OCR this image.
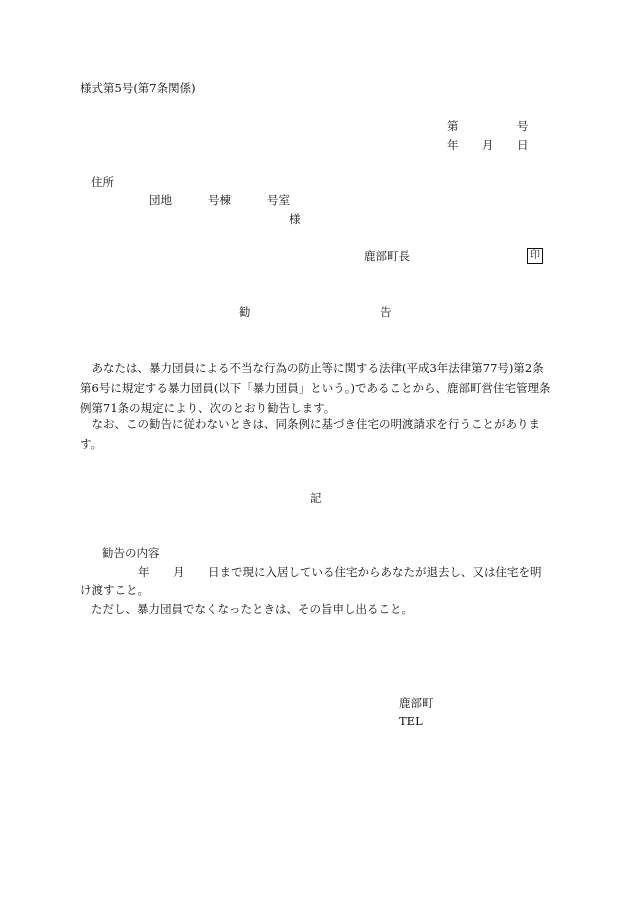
様式第5号(第7条関係)
第	号
年 月 日
住所
団地	号棟	号室
様
鹿部町長	印
勧	告
あなたは、暴力団員による不当な行為の防止等に関する法律(平成3年法律第77号)第2条第6号に規定する暴力団員(以下「暴力団員」という。)であることから、鹿部町営住宅管理条例第71条の規定により、次のとおり勧告します。
なお、この勧告に従わないときは、同条例に基づき住宅の明渡請求を行うことがあります。
記
勧告の内容
年 月 日まで現に入居している住宅からあなたが退去し、又は住宅を明
け渡すこと。
ただし、暴力団員でなくなったときは、その旨申し出ること。
鹿部町
TEL
